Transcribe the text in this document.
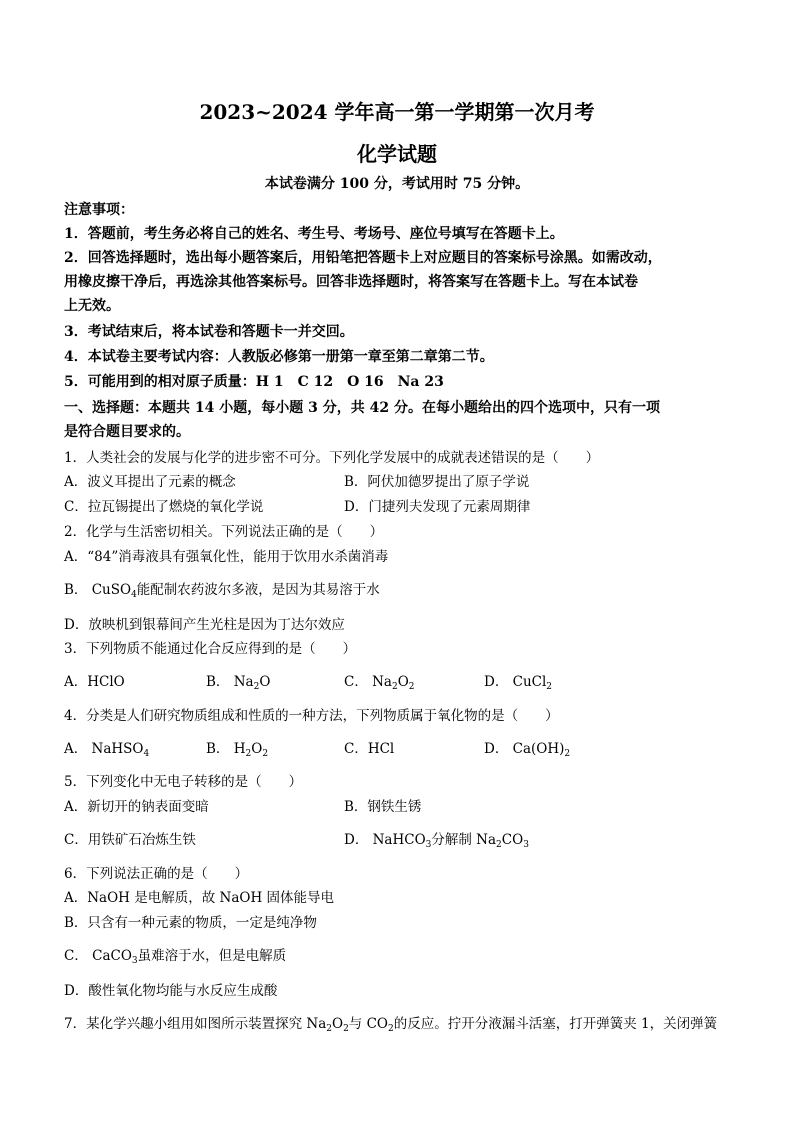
2023~2024 学年高一第一学期第一次月考
化学试题
本试卷满分 100 分，考试用时 75 分钟。
注意事项：
1．答题前，考生务必将自己的姓名、考生号、考场号、座位号填写在答题卡上。
2．回答选择题时，选出每小题答案后，用铅笔把答题卡上对应题目的答案标号涂黑。如需改动，
用橡皮擦干净后，再选涂其他答案标号。回答非选择题时，将答案写在答题卡上。写在本试卷
上无效。
3．考试结束后，将本试卷和答题卡一并交回。
4．本试卷主要考试内容：人教版必修第一册第一章至第二章第二节。
5．可能用到的相对原子质量：H 1　C 12　O 16　Na 23
一、选择题：本题共 14 小题，每小题 3 分，共 42 分。在每小题给出的四个选项中，只有一项
是符合题目要求的。
1．人类社会的发展与化学的进步密不可分。下列化学发展中的成就表述错误的是（　　）
A．波义耳提出了元素的概念	B．阿伏加德罗提出了原子学说
C．拉瓦锡提出了燃烧的氧化学说	D．门捷列夫发现了元素周期律
2．化学与生活密切相关。下列说法正确的是（　　）
A．“84”消毒液具有强氧化性，能用于饮用水杀菌消毒
B． CuSO$_4$能配制农药波尔多液，是因为其易溶于水
D．放映机到银幕间产生光柱是因为丁达尔效应
3．下列物质不能通过化合反应得到的是（　　）
A．HClO	B． $Na_2O$	C． $Na_2O_2$	D． CuCl$_2$
4．分类是人们研究物质组成和性质的一种方法，下列物质属于氧化物的是（　　）
A． NaHSO$_4$	B． $H_2O_2$	C．HCl	D． $Ca(OH)_2$
5．下列变化中无电子转移的是（　　）
A．新切开的钠表面变暗	B．钢铁生锈
C．用铁矿石冶炼生铁	D． NaHCO$_3$分解制 $Na_2CO_3$
6．下列说法正确的是（　　）
A．NaOH 是电解质，故 NaOH 固体能导电
B．只含有一种元素的物质，一定是纯净物
C． CaCO$_3$虽难溶于水，但是电解质
D．酸性氧化物均能与水反应生成酸
7．某化学兴趣小组用如图所示装置探究 $Na_2O_2$与 $CO_2$的反应。拧开分液漏斗活塞，打开弹簧夹 1，关闭弹簧
